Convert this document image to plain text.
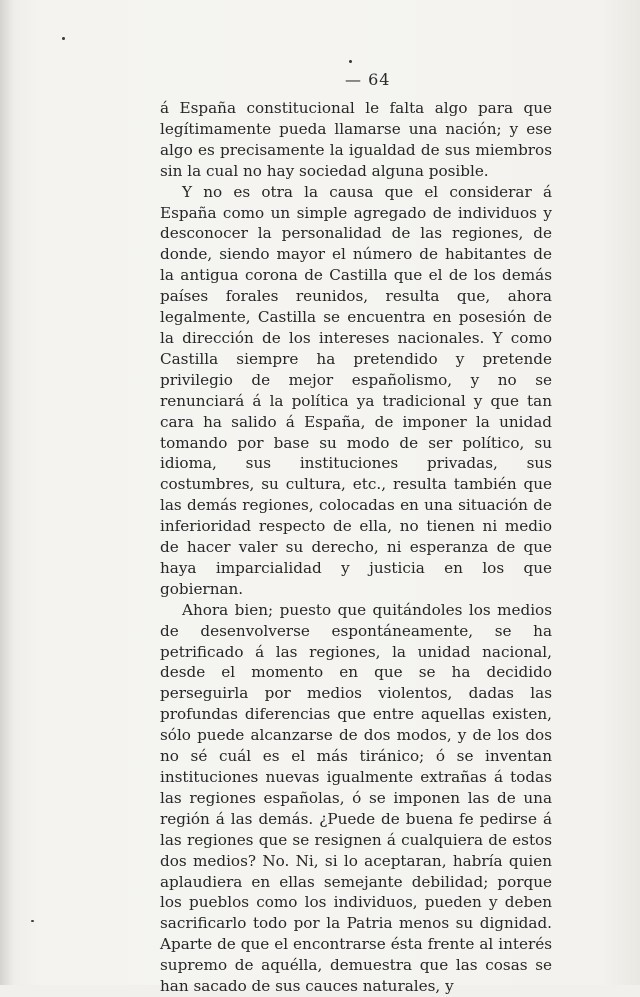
— 64

á España constitucional le falta algo para que legítimamente pueda llamarse una nación; y ese algo es precisamente la igualdad de sus miembros sin la cual no hay sociedad alguna posible.

Y no es otra la causa que el considerar á España como un simple agregado de individuos y desconocer la personalidad de las regiones, de donde, siendo mayor el número de habitantes de la antigua corona de Castilla que el de los demás países forales reunidos, resulta que, ahora legalmente, Castilla se encuentra en posesión de la dirección de los intereses nacionales. Y como Castilla siempre ha pretendido y pretende privilegio de mejor españolismo, y no se renunciará á la política ya tradicional y que tan cara ha salido á España, de imponer la unidad tomando por base su modo de ser político, su idioma, sus instituciones privadas, sus costumbres, su cultura, etc., resulta también que las demás regiones, colocadas en una situación de inferioridad respecto de ella, no tienen ni medio de hacer valer su derecho, ni esperanza de que haya imparcialidad y justicia en los que gobiernan.

Ahora bien; puesto que quitándoles los medios de desenvolverse espontáneamente, se ha petrificado á las regiones, la unidad nacional, desde el momento en que se ha decidido perseguirla por medios violentos, dadas las profundas diferencias que entre aquellas existen, sólo puede alcanzarse de dos modos, y de los dos no sé cuál es el más tiránico; ó se inventan instituciones nuevas igualmente extrañas á todas las regiones españolas, ó se imponen las de una región á las demás. ¿Puede de buena fe pedirse á las regiones que se resignen á cualquiera de estos dos medios? No. Ni, si lo aceptaran, habría quien aplaudiera en ellas semejante debilidad; porque los pueblos como los individuos, pueden y deben sacrificarlo todo por la Patria menos su dignidad. Aparte de que el encontrarse ésta frente al interés supremo de aquélla, demuestra que las cosas se han sacado de sus cauces naturales, y
